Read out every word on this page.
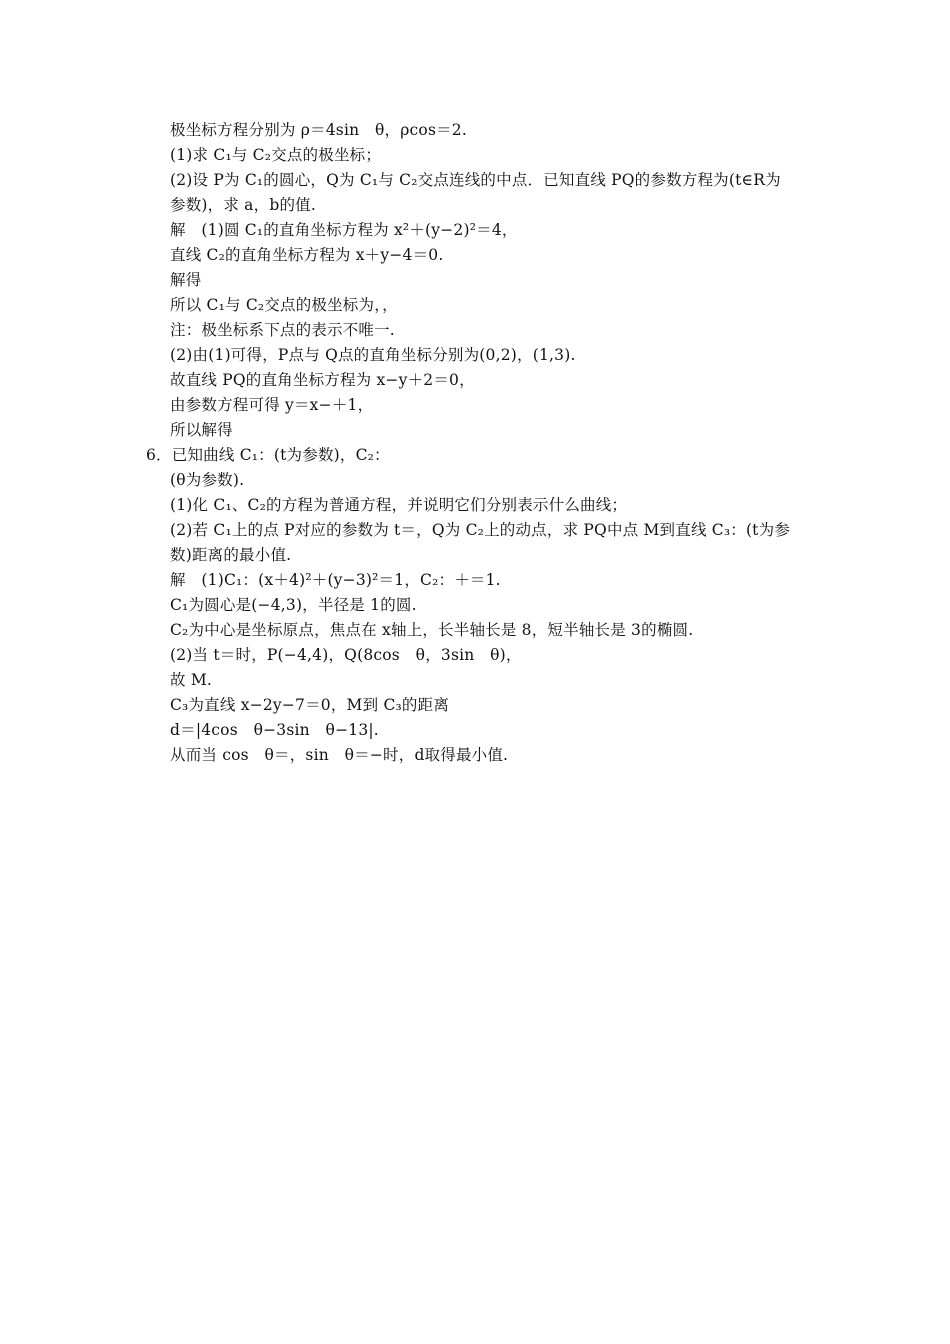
极坐标方程分别为 ρ＝4sin　θ，ρcos＝2.
(1)求 C₁与 C₂交点的极坐标；
(2)设 P为 C₁的圆心，Q为 C₁与 C₂交点连线的中点．已知直线 PQ的参数方程为(t∈R为
参数)，求 a，b的值.
解　(1)圆 C₁的直角坐标方程为 x²＋(y−2)²＝4，
直线 C₂的直角坐标方程为 x＋y−4＝0.
解得
所以 C₁与 C₂交点的极坐标为，，
注：极坐标系下点的表示不唯一.
(2)由(1)可得，P点与 Q点的直角坐标分别为(0,2)，(1,3).
故直线 PQ的直角坐标方程为 x−y＋2＝0，
由参数方程可得 y＝x−＋1，
所以解得
6．已知曲线 C₁：(t为参数)，C₂：
(θ为参数).
(1)化 C₁、C₂的方程为普通方程，并说明它们分别表示什么曲线；
(2)若 C₁上的点 P对应的参数为 t＝，Q为 C₂上的动点，求 PQ中点 M到直线 C₃：(t为参
数)距离的最小值.
解　(1)C₁：(x＋4)²＋(y−3)²＝1，C₂：＋＝1.
C₁为圆心是(−4,3)，半径是 1的圆.
C₂为中心是坐标原点，焦点在 x轴上，长半轴长是 8，短半轴长是 3的椭圆.
(2)当 t＝时，P(−4,4)，Q(8cos　θ，3sin　θ)，
故 M.
C₃为直线 x−2y−7＝0，M到 C₃的距离
d＝|4cos　θ−3sin　θ−13|.
从而当 cos　θ＝，sin　θ＝−时，d取得最小值.
